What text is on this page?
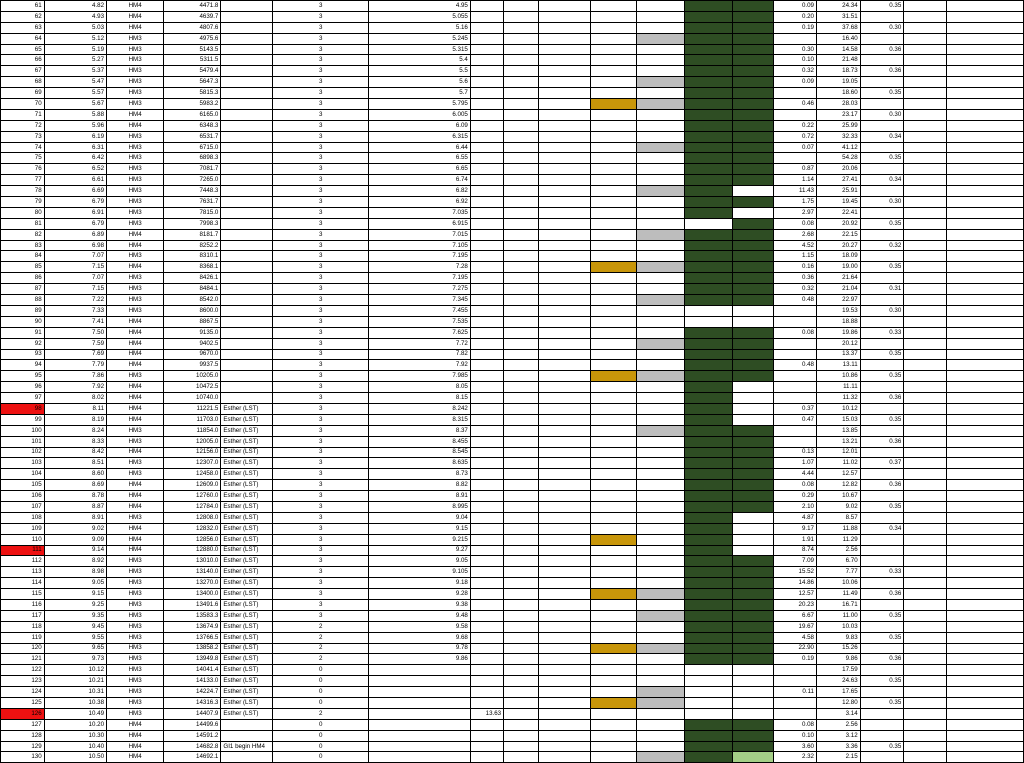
61	4.82	HM4	4471.8		3	4.95								0.09	24.34	0.35		
62	4.93	HM4	4639.7		3	5.055								0.20	31.51			
63	5.03	HM4	4807.6		3	5.16								0.19	37.68	0.30		
64	5.12	HM3	4975.6		3	5.245									16.40			
65	5.19	HM3	5143.5		3	5.315								0.30	14.58	0.36		
66	5.27	HM3	5311.5		3	5.4								0.10	21.48			
67	5.37	HM3	5479.4		3	5.5								0.32	18.73	0.36		
68	5.47	HM3	5647.3		3	5.6								0.09	19.05			
69	5.57	HM3	5815.3		3	5.7									18.60	0.35		
70	5.67	HM3	5983.2		3	5.795								0.46	28.03			
71	5.88	HM4	6165.0		3	6.005									23.17	0.30		
72	5.96	HM4	6348.3		3	6.09								0.22	25.99			
73	6.19	HM3	6531.7		3	6.315								0.72	32.33	0.34		
74	6.31	HM3	6715.0		3	6.44								0.07	41.12			
75	6.42	HM3	6898.3		3	6.55									54.28	0.35		
76	6.52	HM3	7081.7		3	6.65								0.87	20.06			
77	6.61	HM3	7265.0		3	6.74								1.14	27.41	0.34		
78	6.69	HM3	7448.3		3	6.82								11.43	25.91			
79	6.79	HM3	7631.7		3	6.92								1.75	19.45	0.30		
80	6.91	HM3	7815.0		3	7.035								2.97	22.41			
81	6.79	HM3	7998.3		3	6.915								0.08	20.92	0.35		
82	6.89	HM4	8181.7		3	7.015								2.68	22.15			
83	6.98	HM4	8252.2		3	7.105								4.52	20.27	0.32		
84	7.07	HM3	8310.1		3	7.195								1.15	18.09			
85	7.15	HM4	8368.1		3	7.28								0.16	19.00	0.35		
86	7.07	HM3	8426.1		3	7.195								0.36	21.64			
87	7.15	HM3	8484.1		3	7.275								0.32	21.04	0.31		
88	7.22	HM3	8542.0		3	7.345								0.48	22.97			
89	7.33	HM3	8600.0		3	7.455									19.53	0.30		
90	7.41	HM4	8867.5		3	7.535									18.88			
91	7.50	HM4	9135.0		3	7.625								0.08	19.86	0.33		
92	7.59	HM4	9402.5		3	7.72									20.12			
93	7.69	HM4	9670.0		3	7.82									13.37	0.35		
94	7.79	HM4	9937.5		3	7.92								0.48	13.11			
95	7.86	HM3	10205.0		3	7.985									10.86	0.35		
96	7.92	HM4	10472.5		3	8.05									11.11			
97	8.02	HM4	10740.0		3	8.15									11.32	0.36		
98	8.11	HM4	11221.5	Esther (LST)	3	8.242								0.37	10.12			
99	8.19	HM4	11703.0	Esther (LST)	3	8.315								0.47	15.03	0.35		
100	8.24	HM3	11854.0	Esther (LST)	3	8.37									13.85			
101	8.33	HM3	12005.0	Esther (LST)	3	8.455									13.21	0.36		
102	8.42	HM4	12156.0	Esther (LST)	3	8.545								0.13	12.01			
103	8.51	HM3	12307.0	Esther (LST)	3	8.635								1.07	11.02	0.37		
104	8.60	HM3	12458.0	Esther (LST)	3	8.73								4.44	12.57			
105	8.69	HM4	12609.0	Esther (LST)	3	8.82								0.08	12.82	0.36		
106	8.78	HM4	12760.0	Esther (LST)	3	8.91								0.29	10.67			
107	8.87	HM4	12784.0	Esther (LST)	3	8.995								2.10	9.02	0.35		
108	8.91	HM3	12808.0	Esther (LST)	3	9.04								4.87	8.57			
109	9.02	HM4	12832.0	Esther (LST)	3	9.15								9.17	11.88	0.34		
110	9.09	HM4	12856.0	Esther (LST)	3	9.215								1.91	11.29			
111	9.14	HM4	12880.0	Esther (LST)	3	9.27								8.74	2.56			
112	8.92	HM3	13010.0	Esther (LST)	3	9.05								7.09	6.70			
113	8.98	HM3	13140.0	Esther (LST)	3	9.105								15.52	7.77	0.33		
114	9.05	HM3	13270.0	Esther (LST)	3	9.18								14.86	10.06			
115	9.15	HM3	13400.0	Esther (LST)	3	9.28								12.57	11.49	0.36		
116	9.25	HM3	13491.6	Esther (LST)	3	9.38								20.23	16.71			
117	9.35	HM3	13583.3	Esther (LST)	3	9.48								6.67	11.00	0.35		
118	9.45	HM3	13674.9	Esther (LST)	2	9.58								19.67	10.03			
119	9.55	HM3	13766.5	Esther (LST)	2	9.68								4.58	9.83	0.35		
120	9.65	HM3	13858.2	Esther (LST)	2	9.78								22.90	15.26			
121	9.73	HM3	13949.8	Esther (LST)	2	9.86								0.19	9.86	0.36		
122	10.12	HM3	14041.4	Esther (LST)	0										17.59			
123	10.21	HM3	14133.0	Esther (LST)	0										24.63	0.35		
124	10.31	HM3	14224.7	Esther (LST)	0									0.11	17.65			
125	10.38	HM3	14316.3	Esther (LST)	0										12.80	0.35		
126	10.49	HM3	14407.9	Esther (LST)	2		13.63								3.14			
127	10.20	HM4	14499.6		0									0.08	2.56			
128	10.30	HM4	14591.2		0									0.10	3.12			
129	10.40	HM4	14682.8	GI1 begin HM4	0									3.60	3.36	0.35		
130	10.50	HM4	14692.1		0									2.32	2.15			
